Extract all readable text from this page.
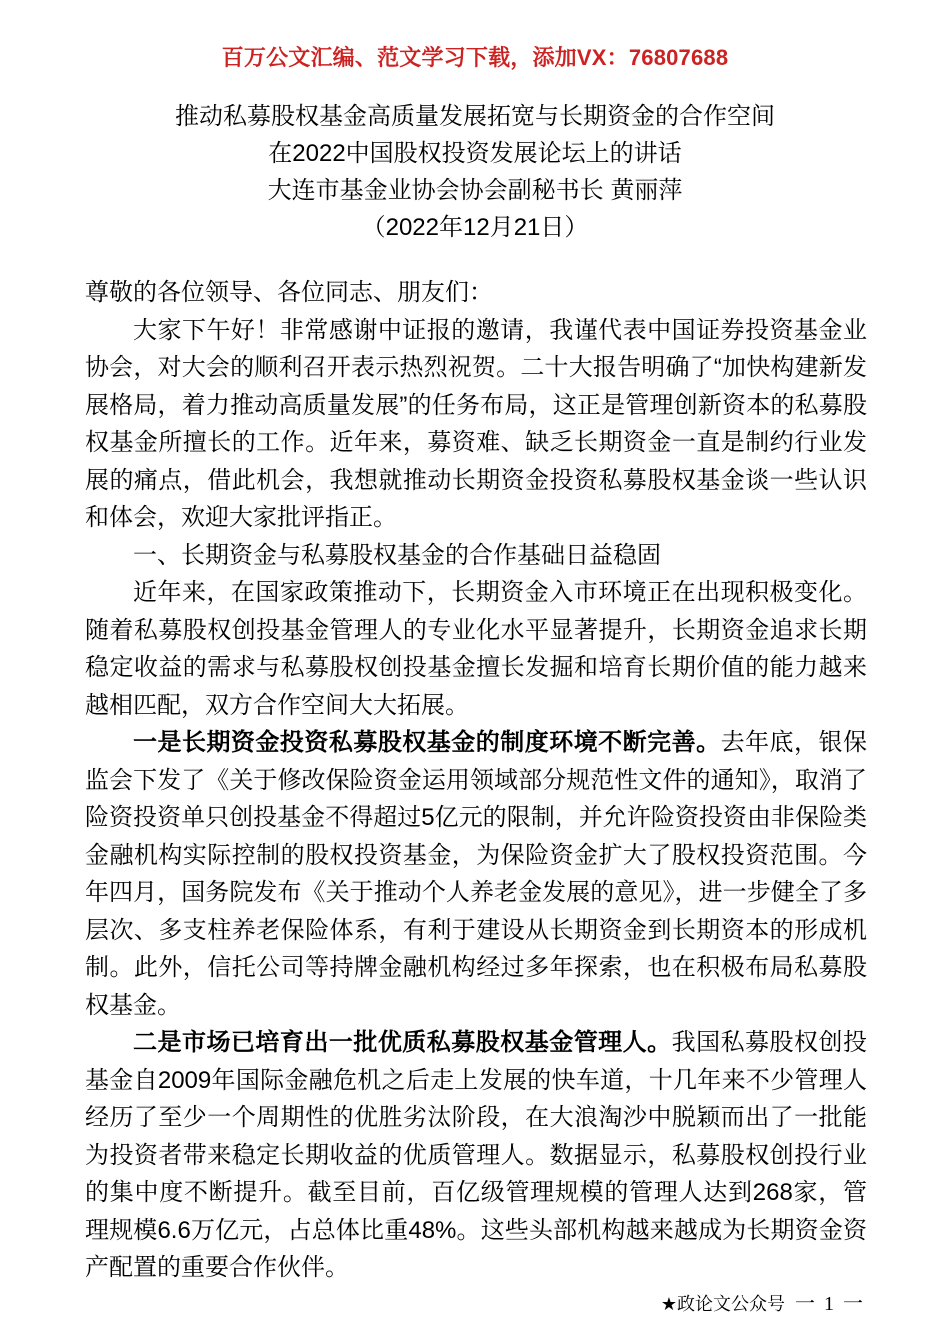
百万公文汇编、范文学习下载，添加VX：76807688
推动私募股权基金高质量发展拓宽与长期资金的合作空间
在2022中国股权投资发展论坛上的讲话
大连市基金业协会协会副秘书长 黄丽萍
（2022年12月21日）

尊敬的各位领导、各位同志、朋友们：

大家下午好！非常感谢中证报的邀请，我谨代表中国证券投资基金业协会，对大会的顺利召开表示热烈祝贺。二十大报告明确了“加快构建新发展格局，着力推动高质量发展”的任务布局，这正是管理创新资本的私募股权基金所擅长的工作。近年来，募资难、缺乏长期资金一直是制约行业发展的痛点，借此机会，我想就推动长期资金投资私募股权基金谈一些认识和体会，欢迎大家批评指正。

一、长期资金与私募股权基金的合作基础日益稳固

近年来，在国家政策推动下，长期资金入市环境正在出现积极变化。随着私募股权创投基金管理人的专业化水平显著提升，长期资金追求长期稳定收益的需求与私募股权创投基金擅长发掘和培育长期价值的能力越来越相匹配，双方合作空间大大拓展。

一是长期资金投资私募股权基金的制度环境不断完善。去年底，银保监会下发了《关于修改保险资金运用领域部分规范性文件的通知》，取消了险资投资单只创投基金不得超过5亿元的限制，并允许险资投资由非保险类金融机构实际控制的股权投资基金，为保险资金扩大了股权投资范围。今年四月，国务院发布《关于推动个人养老金发展的意见》，进一步健全了多层次、多支柱养老保险体系，有利于建设从长期资金到长期资本的形成机制。此外，信托公司等持牌金融机构经过多年探索，也在积极布局私募股权基金。

二是市场已培育出一批优质私募股权基金管理人。我国私募股权创投基金自2009年国际金融危机之后走上发展的快车道，十几年来不少管理人经历了至少一个周期性的优胜劣汰阶段，在大浪淘沙中脱颖而出了一批能为投资者带来稳定长期收益的优质管理人。数据显示，私募股权创投行业的集中度不断提升。截至目前，百亿级管理规模的管理人达到268家，管理规模6.6万亿元，占总体比重48%。这些头部机构越来越成为长期资金资产配置的重要合作伙伴。

★政论文公众号 一 1 一
